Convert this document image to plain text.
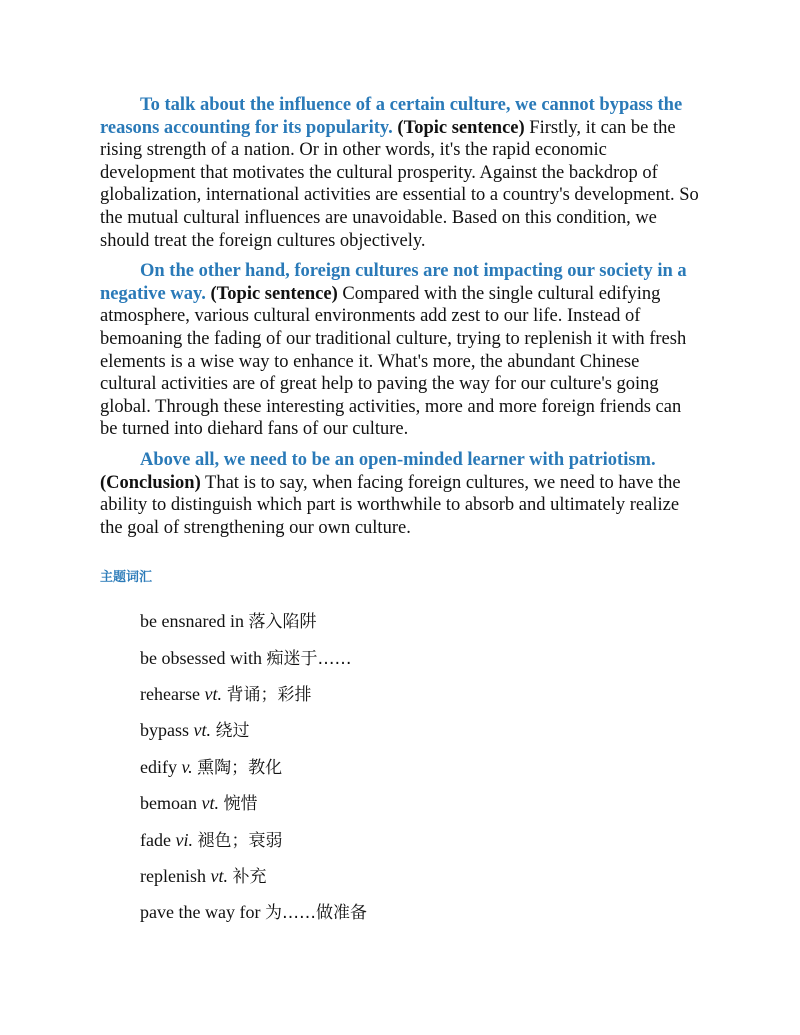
To talk about the influence of a certain culture, we cannot bypass the reasons accounting for its popularity. (Topic sentence) Firstly, it can be the rising strength of a nation. Or in other words, it's the rapid economic development that motivates the cultural prosperity. Against the backdrop of globalization, international activities are essential to a country's development. So the mutual cultural influences are unavoidable. Based on this condition, we should treat the foreign cultures objectively.

On the other hand, foreign cultures are not impacting our society in a negative way. (Topic sentence) Compared with the single cultural edifying atmosphere, various cultural environments add zest to our life. Instead of bemoaning the fading of our traditional culture, trying to replenish it with fresh elements is a wise way to enhance it. What's more, the abundant Chinese cultural activities are of great help to paving the way for our culture's going global. Through these interesting activities, more and more foreign friends can be turned into diehard fans of our culture.

Above all, we need to be an open-minded learner with patriotism. (Conclusion) That is to say, when facing foreign cultures, we need to have the ability to distinguish which part is worthwhile to absorb and ultimately realize the goal of strengthening our own culture.

主题词汇
be ensnared in 落入陷阱
be obsessed with 痴迷于……
rehearse vt. 背诵；彩排
bypass vt. 绕过
edify v. 熏陶；教化
bemoan vt. 惋惜
fade vi. 褪色；衰弱
replenish vt. 补充
pave the way for 为……做准备
